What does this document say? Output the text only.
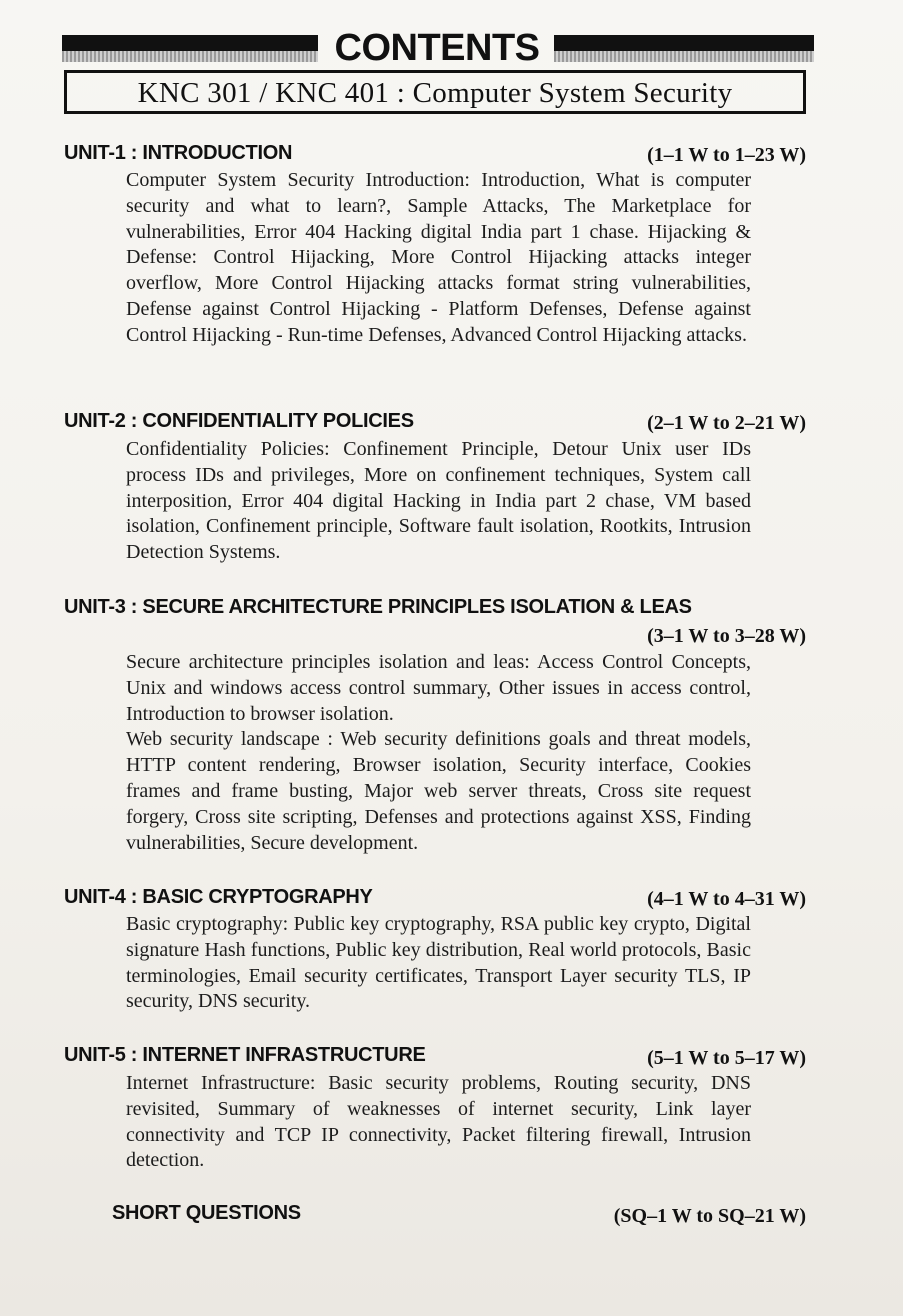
CONTENTS
KNC 301 / KNC 401 : Computer System Security
UNIT-1 : INTRODUCTION	(1–1 W to 1–23 W)

Computer System Security Introduction: Introduction, What is computer security and what to learn?, Sample Attacks, The Marketplace for vulnerabilities, Error 404 Hacking digital India part 1 chase. Hijacking & Defense: Control Hijacking, More Control Hijacking attacks integer overflow, More Control Hijacking attacks format string vulnerabilities, Defense against Control Hijacking - Platform Defenses, Defense against Control Hijacking - Run-time Defenses, Advanced Control Hijacking attacks.

UNIT-2 : CONFIDENTIALITY POLICIES	(2–1 W to 2–21 W)

Confidentiality Policies: Confinement Principle, Detour Unix user IDs process IDs and privileges, More on confinement techniques, System call interposition, Error 404 digital Hacking in India part 2 chase, VM based isolation, Confinement principle, Software fault isolation, Rootkits, Intrusion Detection Systems.

UNIT-3 : SECURE ARCHITECTURE PRINCIPLES ISOLATION & LEAS
(3–1 W to 3–28 W)

Secure architecture principles isolation and leas: Access Control Concepts, Unix and windows access control summary, Other issues in access control, Introduction to browser isolation.

Web security landscape : Web security definitions goals and threat models, HTTP content rendering, Browser isolation, Security interface, Cookies frames and frame busting, Major web server threats, Cross site request forgery, Cross site scripting, Defenses and protections against XSS, Finding vulnerabilities, Secure development.

UNIT-4 : BASIC CRYPTOGRAPHY	(4–1 W to 4–31 W)

Basic cryptography: Public key cryptography, RSA public key crypto, Digital signature Hash functions, Public key distribution, Real world protocols, Basic terminologies, Email security certificates, Transport Layer security TLS, IP security, DNS security.

UNIT-5 : INTERNET INFRASTRUCTURE	(5–1 W to 5–17 W)

Internet Infrastructure: Basic security problems, Routing security, DNS revisited, Summary of weaknesses of internet security, Link layer connectivity and TCP IP connectivity, Packet filtering firewall, Intrusion detection.

SHORT QUESTIONS	(SQ–1 W to SQ–21 W)
